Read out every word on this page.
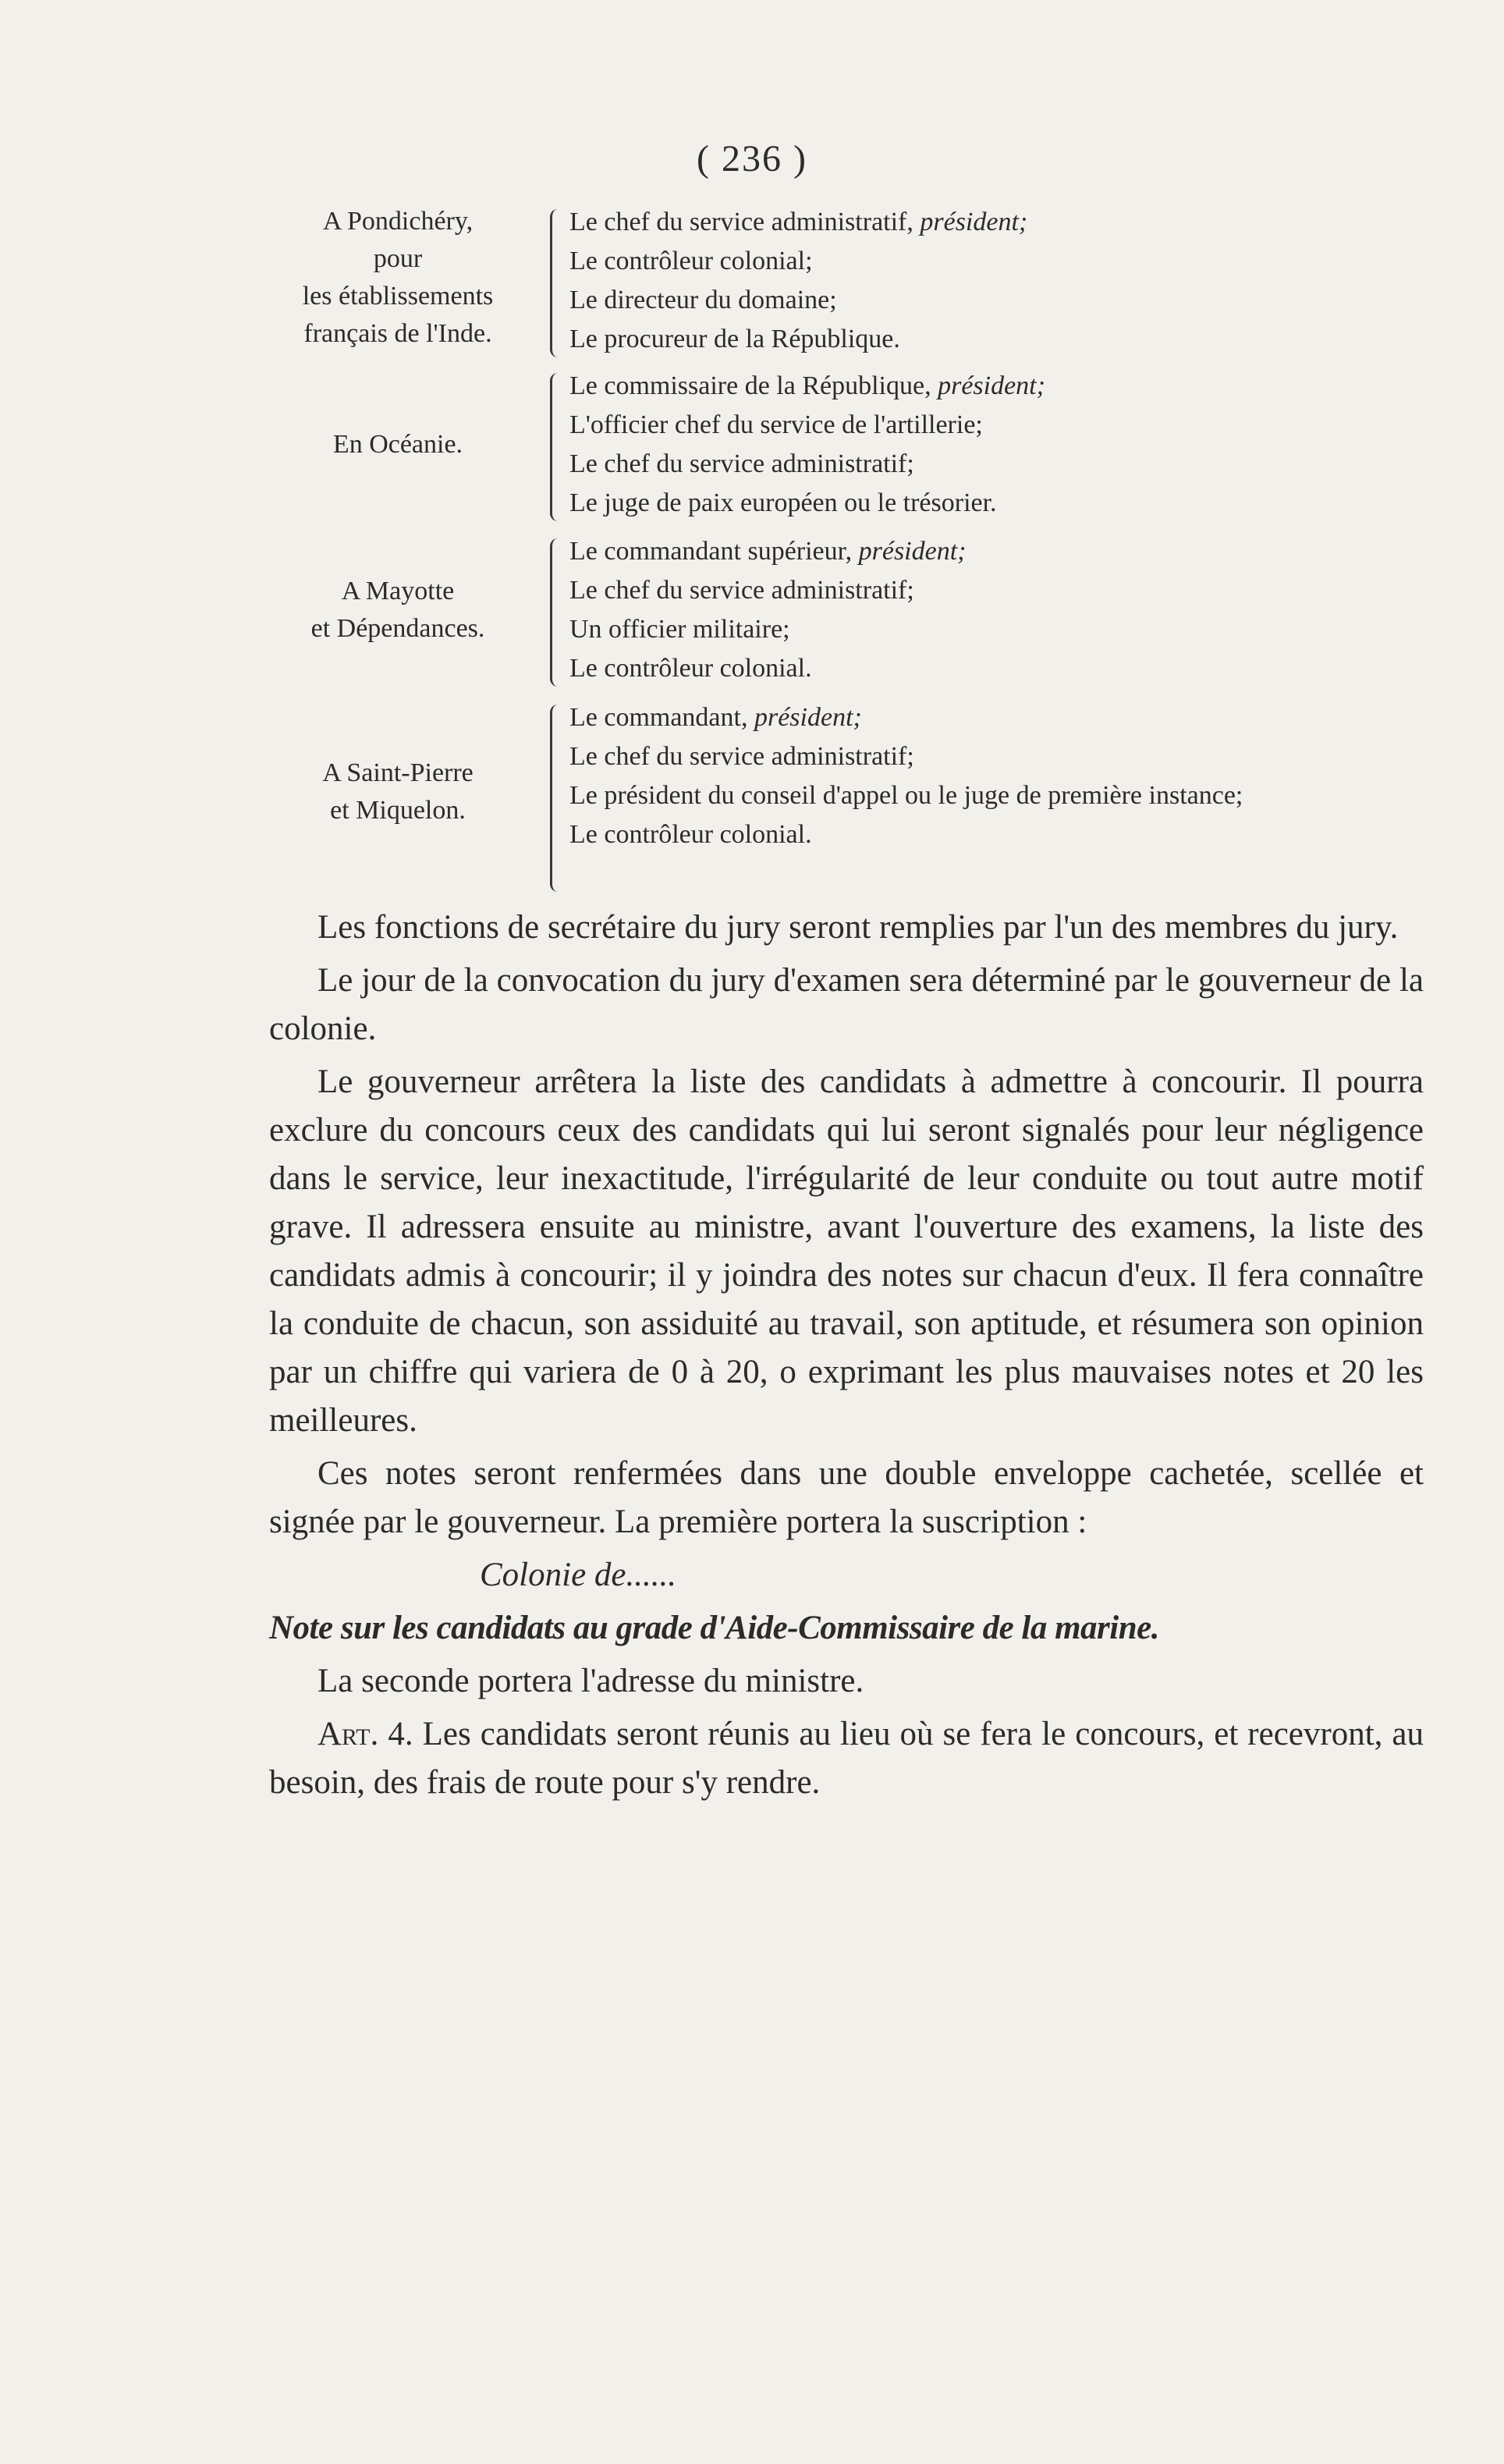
( 236 )
A Pondichéry,
pour
les établissements
français de l'Inde.
Le chef du service administratif, président;
Le contrôleur colonial;
Le directeur du domaine;
Le procureur de la République.
En Océanie.
Le commissaire de la République, président;
L'officier chef du service de l'artillerie;
Le chef du service administratif;
Le juge de paix européen ou le trésorier.
A Mayotte
et Dépendances.
Le commandant supérieur, président;
Le chef du service administratif;
Un officier militaire;
Le contrôleur colonial.
A Saint-Pierre
et Miquelon.
Le commandant, président;
Le chef du service administratif;
Le président du conseil d'appel ou le juge de première instance;
Le contrôleur colonial.

Les fonctions de secrétaire du jury seront remplies par l'un des membres du jury.

Le jour de la convocation du jury d'examen sera déterminé par le gouverneur de la colonie.

Le gouverneur arrêtera la liste des candidats à admettre à concourir. Il pourra exclure du concours ceux des candidats qui lui seront signalés pour leur négligence dans le service, leur inexactitude, l'irrégularité de leur conduite ou tout autre motif grave. Il adressera ensuite au ministre, avant l'ouverture des examens, la liste des candidats admis à concourir; il y joindra des notes sur chacun d'eux. Il fera connaître la conduite de chacun, son assiduité au travail, son aptitude, et résumera son opinion par un chiffre qui variera de 0 à 20, o exprimant les plus mauvaises notes et 20 les meilleures.

Ces notes seront renfermées dans une double enveloppe cachetée, scellée et signée par le gouverneur. La première portera la suscription :

Colonie de......

Note sur les candidats au grade d'Aide-Commissaire de la marine.

La seconde portera l'adresse du ministre.

Art. 4. Les candidats seront réunis au lieu où se fera le concours, et recevront, au besoin, des frais de route pour s'y rendre.
